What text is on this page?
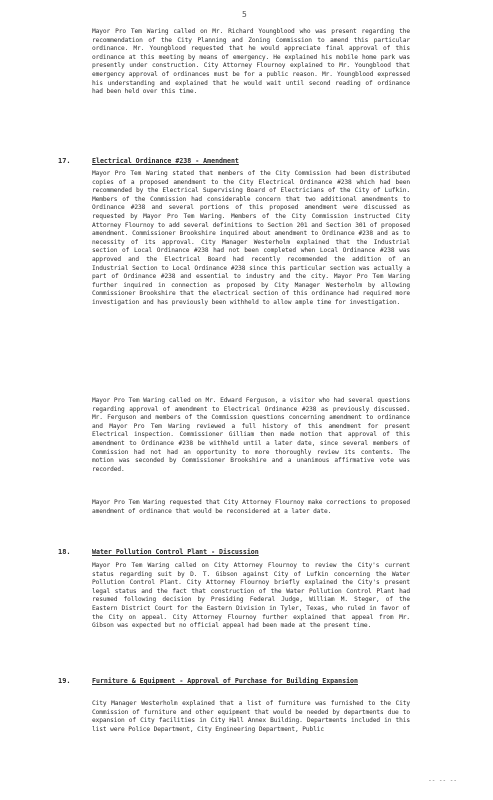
5
Mayor Pro Tem Waring called on Mr. Richard Youngblood who was present regarding the recommendation of the City Planning and Zoning Commission to amend this particular ordinance. Mr. Youngblood requested that he would appreciate final approval of this ordinance at this meeting by means of emergency. He explained his mobile home park was presently under construction. City Attorney Flournoy explained to Mr. Youngblood that emergency approval of ordinances must be for a public reason. Mr. Youngblood expressed his understanding and explained that he would wait until second reading of ordinance had been held over this time.
17.	Electrical Ordinance #238 - Amendment
Mayor Pro Tem Waring stated that members of the City Commission had been distributed copies of a proposed amendment to the City Electrical Ordinance #238 which had been recommended by the Electrical Supervising Board of Electricians of the City of Lufkin. Members of the Commission had considerable concern that two additional amendments to Ordinance #238 and several portions of this proposed amendment were discussed as requested by Mayor Pro Tem Waring. Members of the City Commission instructed City Attorney Flournoy to add several definitions to Section 201 and Section 301 of proposed amendment. Commissioner Brookshire inquired about amendment to Ordinance #238 and as to necessity of its approval. City Manager Westerholm explained that the Industrial section of Local Ordinance #238 had not been completed when Local Ordinance #238 was approved and the Electrical Board had recently recommended the addition of an Industrial Section to Local Ordinance #238 since this particular section was actually a part of Ordinance #238 and essential to industry and the city. Mayor Pro Tem Waring further inquired in connection as proposed by City Manager Westerholm by allowing Commissioner Brookshire that the electrical section of this ordinance had required more investigation and has previously been withheld to allow ample time for investigation.
Mayor Pro Tem Waring called on Mr. Edward Ferguson, a visitor who had several questions regarding approval of amendment to Electrical Ordinance #238 as previously discussed. Mr. Ferguson and members of the Commission questions concerning amendment to ordinance and Mayor Pro Tem Waring reviewed a full history of this amendment for present Electrical inspection. Commissioner Gilliam then made motion that approval of this amendment to Ordinance #238 be withheld until a later date, since several members of Commission had not had an opportunity to more thoroughly review its contents. The motion was seconded by Commissioner Brookshire and a unanimous affirmative vote was recorded.
Mayor Pro Tem Waring requested that City Attorney Flournoy make corrections to proposed amendment of ordinance that would be reconsidered at a later date.
18.	Water Pollution Control Plant - Discussion
Mayor Pro Tem Waring called on City Attorney Flournoy to review the City's current status regarding suit by D. T. Gibson against City of Lufkin concerning the Water Pollution Control Plant. City Attorney Flournoy briefly explained the City's present legal status and the fact that construction of the Water Pollution Control Plant had resumed following decision by Presiding Federal Judge, William M. Steger, of the Eastern District Court for the Eastern Division in Tyler, Texas, who ruled in favor of the City on appeal. City Attorney Flournoy further explained that appeal from Mr. Gibson was expected but no official appeal had been made at the present time.
19.	Furniture & Equipment - Approval of Purchase for Building Expansion
City Manager Westerholm explained that a list of furniture was furnished to the City Commission of furniture and other equipment that would be needed by departments due to expansion of City facilities in City Hall Annex Building. Departments included in this list were Police Department, City Engineering Department, Public
-- -- --
